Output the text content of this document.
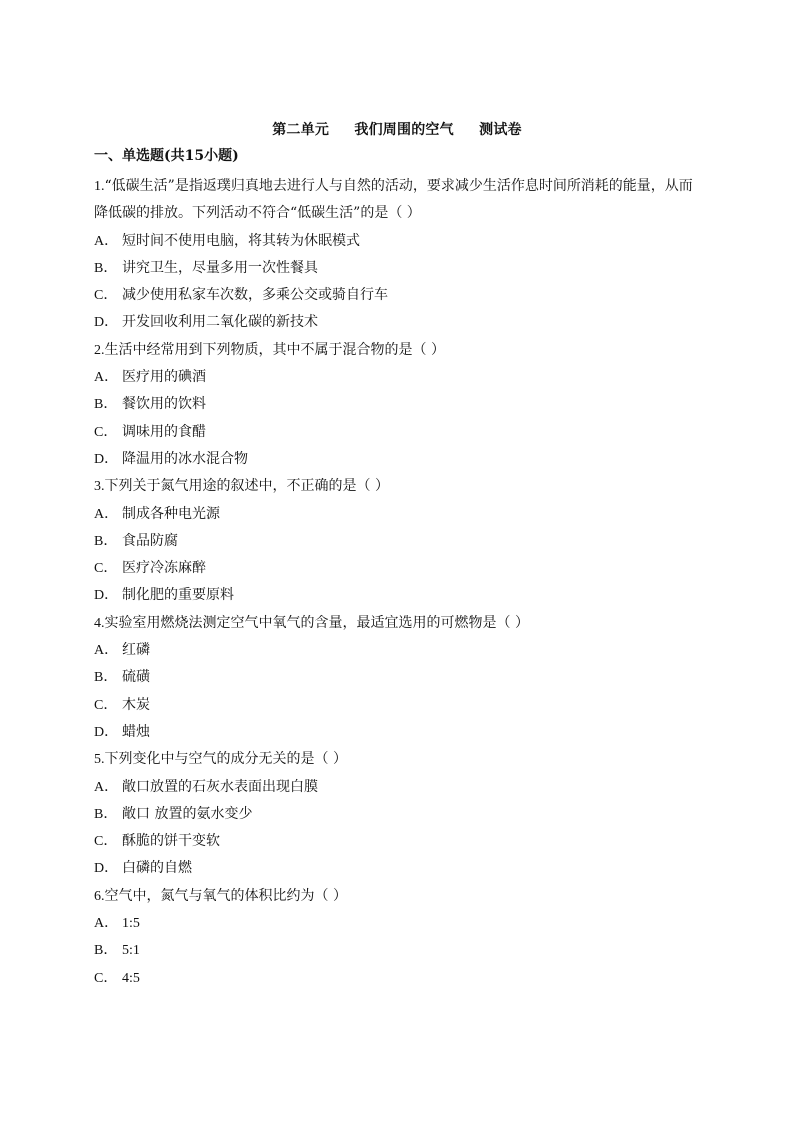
第二单元     我们周围的空气     测试卷
一、单选题(共15小题)
1.“低碳生活”是指返璞归真地去进行人与自然的活动，要求减少生活作息时间所消耗的能量，从而
降低碳的排放。下列活动不符合“低碳生活”的是（ ）
A． 短时间不使用电脑，将其转为休眠模式
B． 讲究卫生，尽量多用一次性餐具
C． 减少使用私家车次数，多乘公交或骑自行车
D． 开发回收利用二氧化碳的新技术
2.生活中经常用到下列物质，其中不属于混合物的是（ ）
A． 医疗用的碘酒
B． 餐饮用的饮料
C． 调味用的食醋
D． 降温用的冰水混合物
3.下列关于氮气用途的叙述中，不正确的是（ ）
A． 制成各种电光源
B． 食品防腐
C． 医疗冷冻麻醉
D． 制化肥的重要原料
4.实验室用燃烧法测定空气中氧气的含量，最适宜选用的可燃物是（ ）
A． 红磷
B． 硫磺
C． 木炭
D． 蜡烛
5.下列变化中与空气的成分无关的是（ ）
A． 敞口放置的石灰水表面出现白膜
B． 敞口 放置的氨水变少
C． 酥脆的饼干变软
D． 白磷的自燃
6.空气中，氮气与氧气的体积比约为（ ）
A． 1:5
B． 5:1
C． 4:5
